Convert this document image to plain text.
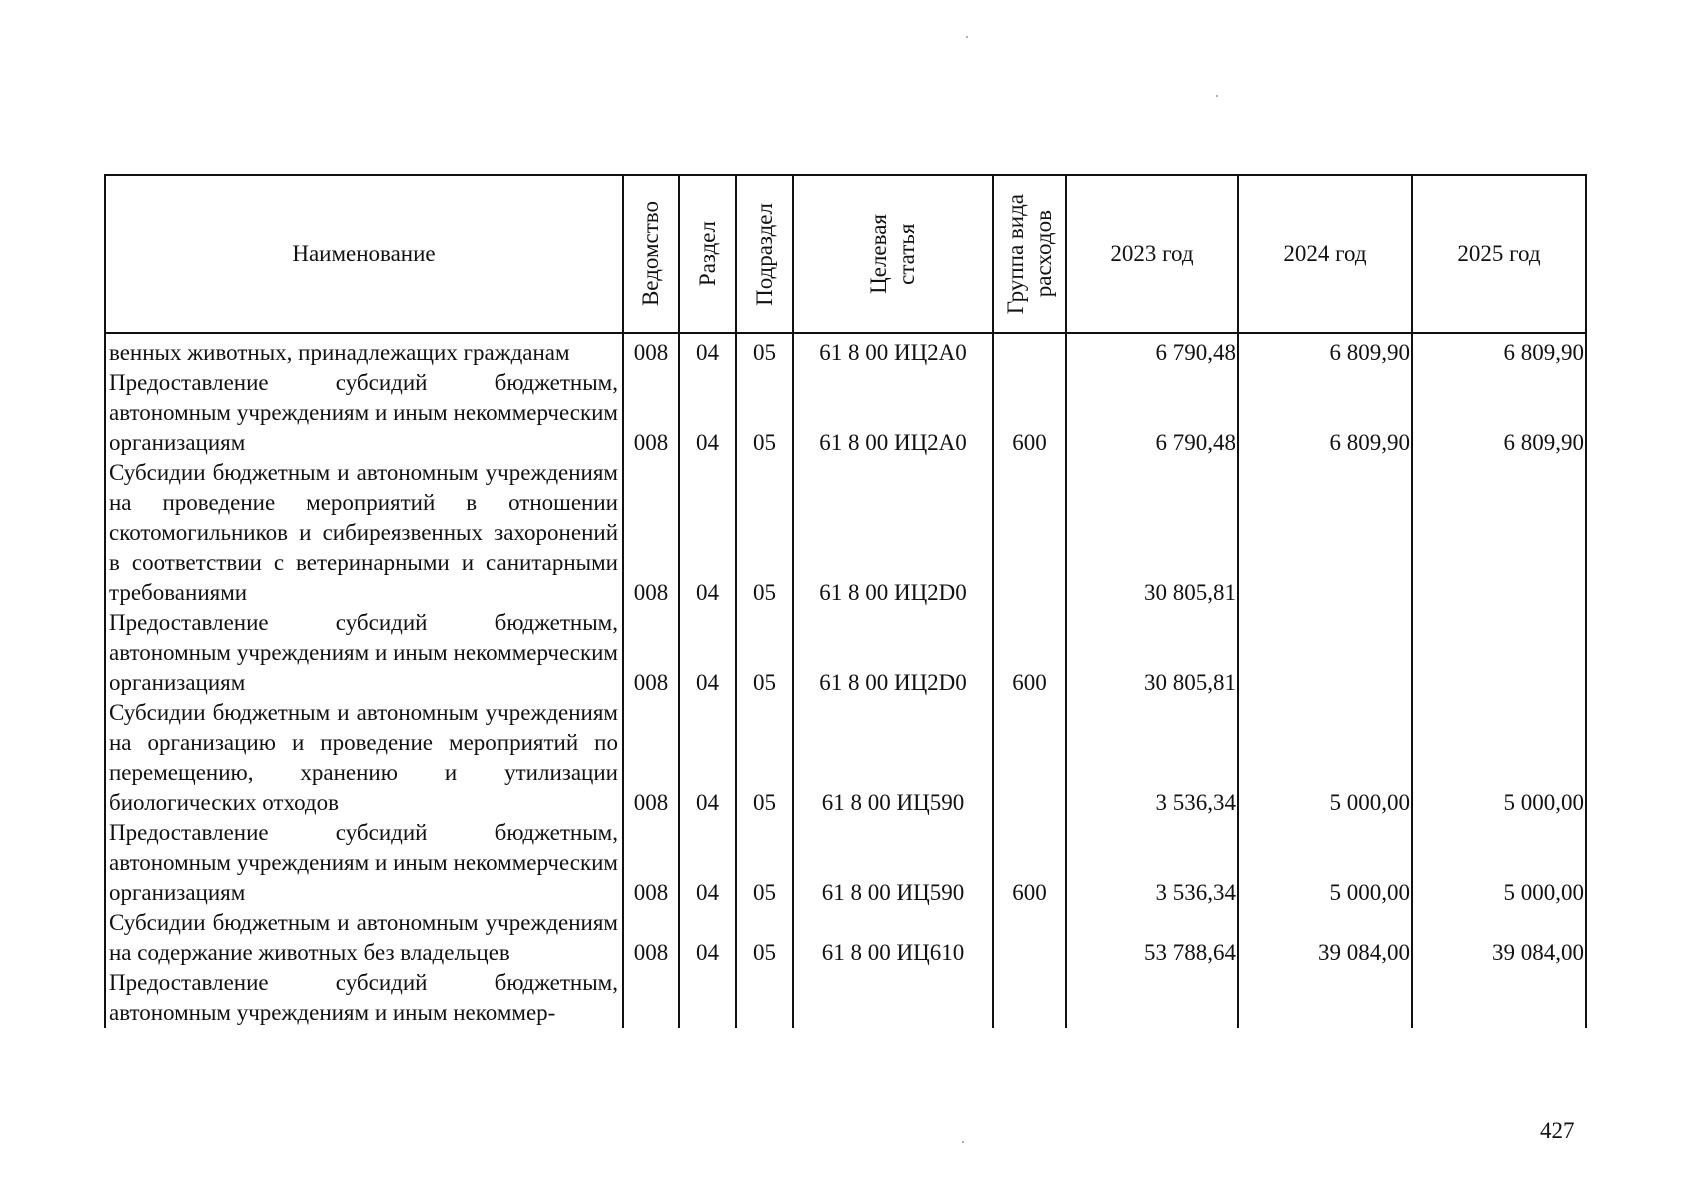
Наименование	Ведомство	Раздел	Подраздел	Целевая статья	Группа вида расходов	2023 год	2024 год	2025 год
венных животных, принадлежащих гражданам	008	04	05	61 8 00 ИЦ2А0		6 790,48	6 809,90	6 809,90
Предоставление субсидий бюджетным, автономным учреждениям и иным некоммерческим организациям	008	04	05	61 8 00 ИЦ2А0	600	6 790,48	6 809,90	6 809,90
Субсидии бюджетным и автономным учреждениям на проведение мероприятий в отношении скотомогильников и сибиреязвенных захоронений в соответствии с ветеринарными и санитарными требованиями	008	04	05	61 8 00 ИЦ2D0		30 805,81		
Предоставление субсидий бюджетным, автономным учреждениям и иным некоммерческим организациям	008	04	05	61 8 00 ИЦ2D0	600	30 805,81		
Субсидии бюджетным и автономным учреждениям на организацию и проведение мероприятий по перемещению, хранению и утилизации биологических отходов	008	04	05	61 8 00 ИЦ590		3 536,34	5 000,00	5 000,00
Предоставление субсидий бюджетным, автономным учреждениям и иным некоммерческим организациям	008	04	05	61 8 00 ИЦ590	600	3 536,34	5 000,00	5 000,00
Субсидии бюджетным и автономным учреждениям на содержание животных без владельцев	008	04	05	61 8 00 ИЦ610		53 788,64	39 084,00	39 084,00
Предоставление субсидий бюджетным, автономным учреждениям и иным некоммер-								
427
